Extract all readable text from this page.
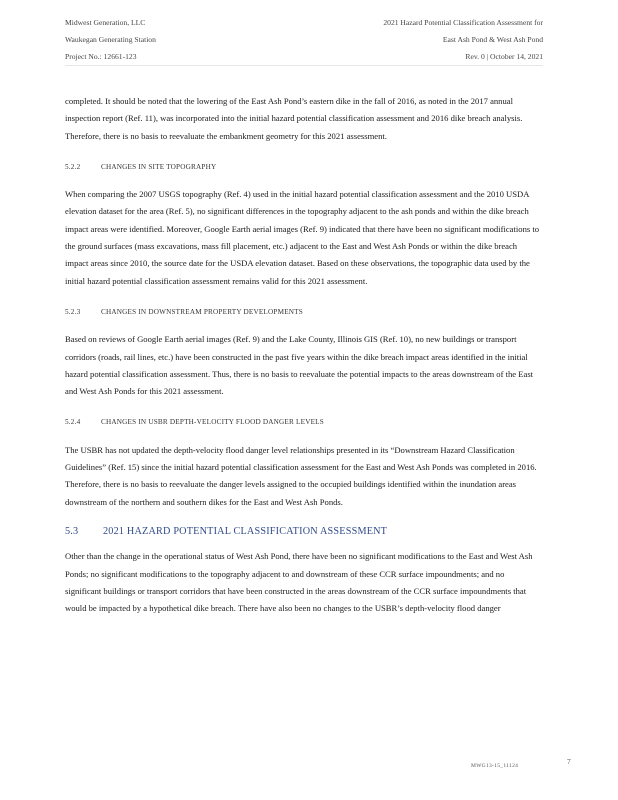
Midwest Generation, LLC
Waukegan Generating Station
Project No.: 12661-123
2021 Hazard Potential Classification Assessment for
East Ash Pond & West Ash Pond
Rev. 0 | October 14, 2021

completed. It should be noted that the lowering of the East Ash Pond’s eastern dike in the fall of 2016, as noted in the 2017 annual inspection report (Ref. 11), was incorporated into the initial hazard potential classification assessment and 2016 dike breach analysis. Therefore, there is no basis to reevaluate the embankment geometry for this 2021 assessment.

5.2.2	CHANGES IN SITE TOPOGRAPHY

When comparing the 2007 USGS topography (Ref. 4) used in the initial hazard potential classification assessment and the 2010 USDA elevation dataset for the area (Ref. 5), no significant differences in the topography adjacent to the ash ponds and within the dike breach impact areas were identified. Moreover, Google Earth aerial images (Ref. 9) indicated that there have been no significant modifications to the ground surfaces (mass excavations, mass fill placement, etc.) adjacent to the East and West Ash Ponds or within the dike breach impact areas since 2010, the source date for the USDA elevation dataset. Based on these observations, the topographic data used by the initial hazard potential classification assessment remains valid for this 2021 assessment.

5.2.3	CHANGES IN DOWNSTREAM PROPERTY DEVELOPMENTS

Based on reviews of Google Earth aerial images (Ref. 9) and the Lake County, Illinois GIS (Ref. 10), no new buildings or transport corridors (roads, rail lines, etc.) have been constructed in the past five years within the dike breach impact areas identified in the initial hazard potential classification assessment. Thus, there is no basis to reevaluate the potential impacts to the areas downstream of the East and West Ash Ponds for this 2021 assessment.

5.2.4	CHANGES IN USBR DEPTH-VELOCITY FLOOD DANGER LEVELS

The USBR has not updated the depth-velocity flood danger level relationships presented in its “Downstream Hazard Classification Guidelines” (Ref. 15) since the initial hazard potential classification assessment for the East and West Ash Ponds was completed in 2016. Therefore, there is no basis to reevaluate the danger levels assigned to the occupied buildings identified within the inundation areas downstream of the northern and southern dikes for the East and West Ash Ponds.

5.3 2021 HAZARD POTENTIAL CLASSIFICATION ASSESSMENT

Other than the change in the operational status of West Ash Pond, there have been no significant modifications to the East and West Ash Ponds; no significant modifications to the topography adjacent to and downstream of these CCR surface impoundments; and no significant buildings or transport corridors that have been constructed in the areas downstream of the CCR surface impoundments that would be impacted by a hypothetical dike breach. There have also been no changes to the USBR’s depth-velocity flood danger

MWG13-15_11124	7
